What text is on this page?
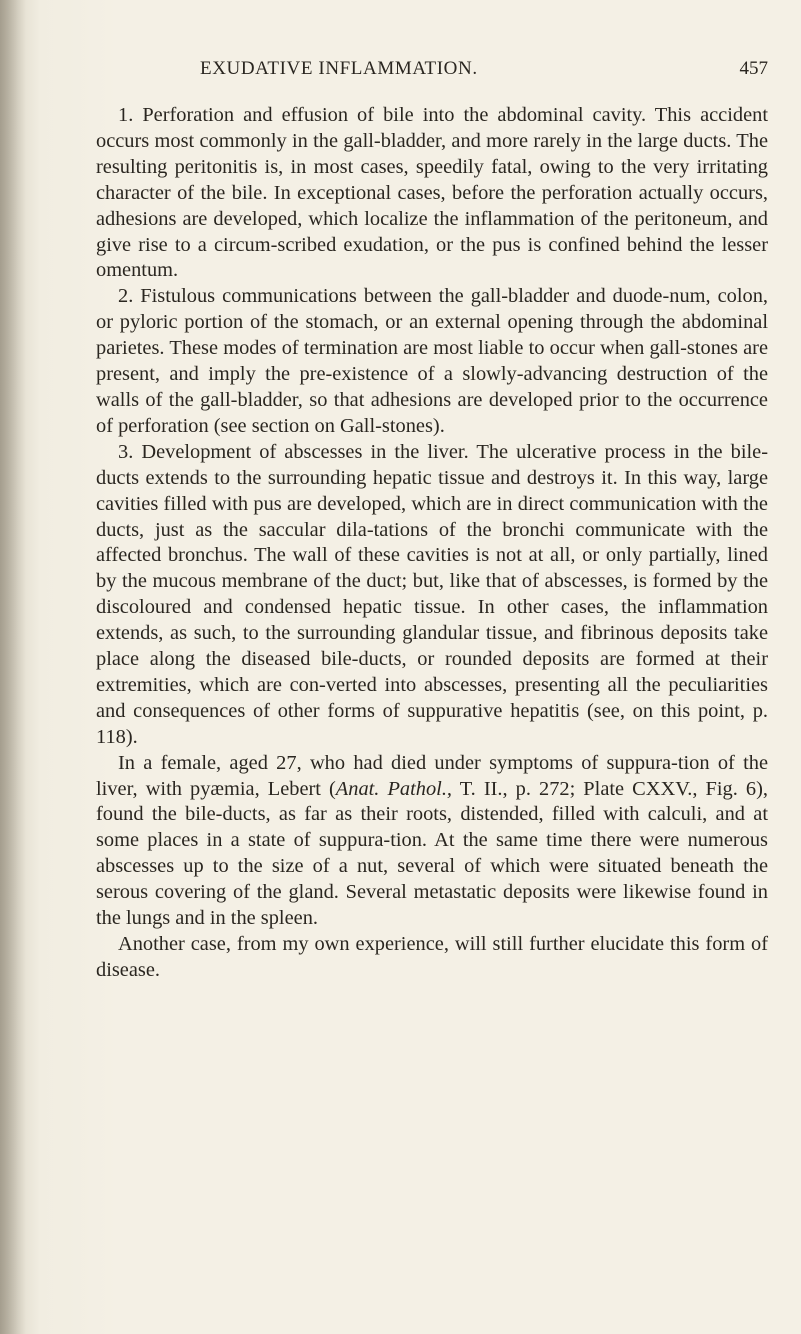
EXUDATIVE INFLAMMATION.	457

1. Perforation and effusion of bile into the abdominal cavity. This accident occurs most commonly in the gall-bladder, and more rarely in the large ducts. The resulting peritonitis is, in most cases, speedily fatal, owing to the very irritating character of the bile. In exceptional cases, before the perforation actually occurs, adhesions are developed, which localize the inflammation of the peritoneum, and give rise to a circum-scribed exudation, or the pus is confined behind the lesser omentum.

2. Fistulous communications between the gall-bladder and duode-num, colon, or pyloric portion of the stomach, or an external opening through the abdominal parietes. These modes of termination are most liable to occur when gall-stones are present, and imply the pre-existence of a slowly-advancing destruction of the walls of the gall-bladder, so that adhesions are developed prior to the occurrence of perforation (see section on Gall-stones).

3. Development of abscesses in the liver. The ulcerative process in the bile-ducts extends to the surrounding hepatic tissue and destroys it. In this way, large cavities filled with pus are developed, which are in direct communication with the ducts, just as the saccular dila-tations of the bronchi communicate with the affected bronchus. The wall of these cavities is not at all, or only partially, lined by the mucous membrane of the duct; but, like that of abscesses, is formed by the discoloured and condensed hepatic tissue. In other cases, the inflammation extends, as such, to the surrounding glandular tissue, and fibrinous deposits take place along the diseased bile-ducts, or rounded deposits are formed at their extremities, which are con-verted into abscesses, presenting all the peculiarities and consequences of other forms of suppurative hepatitis (see, on this point, p. 118).

In a female, aged 27, who had died under symptoms of suppura-tion of the liver, with pyæmia, Lebert (Anat. Pathol., T. II., p. 272; Plate CXXV., Fig. 6), found the bile-ducts, as far as their roots, distended, filled with calculi, and at some places in a state of suppura-tion. At the same time there were numerous abscesses up to the size of a nut, several of which were situated beneath the serous covering of the gland. Several metastatic deposits were likewise found in the lungs and in the spleen.

Another case, from my own experience, will still further elucidate this form of disease.
